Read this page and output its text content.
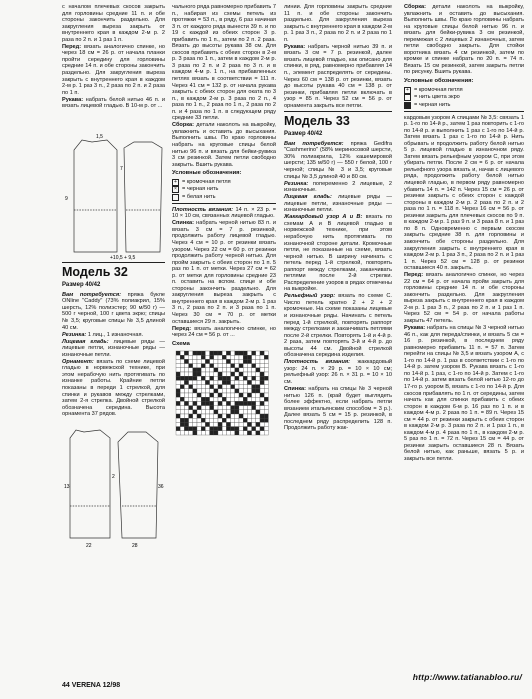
с началом плечевых скосов закрыть для горловины средние 11 п. и обе стороны закончить раздельно. Для закругления выреза закрыть от внутреннего края в каждом 2-м р. 2 раза по 2 п. и 1 раз 1 п.

Перед: вязать аналогично спинке, но через 18 см = 26 р. от начала планки пройти середину для горловины средние 14 п. и обе стороны закончить раздельно. Для закругления выреза закрыть с внутреннего края в каждом 2-м р. 1 раз 3 п., 2 раза по 2 п. и 2 раза по 1 п.

Рукава: набрать белой нитью 46 п. и вязать лицевой гладью. В 10-м р. от ...

9
1,5
7
+10,5 + 9,5
Модель 32
Размер 40/42

Вам потребуется: пряжа букле ONline "Caddy" (73% полиакрил, 15% шерсть, 12% полиэстер; 90 м/50 г) — 500 г черной, 100 г цвета экрю; спицы № 3,5; круговые спицы № 3,5 длиной 40 см.

Резинка: 1 лиц., 1 изнаночная.

Лицевая гладь: лицевые ряды — лицевые петли, изнаночные ряды — изнаночные петли.

Орнамент: вязать по схеме лицевой гладью в норвежской технике, при этом нерабочую нить протягивать по изнанке работы. Крайние петли показаны в переди 1 стрелкой, для спинки и рукавов между стрелками, затем 2-я стрелка. Двойной стрелкой обозначена середина. Высота орнамента 37 рядов.

13
22	28
2
36

чального ряда равномерно прибавить 7 п., набирая из схемы петель из протяжки = 53 п., в ряду, 6 раз начиная 3 п. от каждого ряда вынести 39 п. и по 19 с каждой из обеих сторон 3 р. прибавить по 1 п., затем по 2 п. 2 раза. Вязать до высоты рукава 38 см. Для скосов прибавить с обеих сторон в 2-м р. 3 раза по 1 п., затем в каждом 2-м р. 3 раза по 2 п. и 2 раза по 3 п. и в каждом 4-м р. 1 п., на прибавленных петлях вязать в соответствии = 111 п. Через 41 см = 132 р. от начала рукава закрыть с обеих сторон для оката по 3 п., в каждом 2-м р. 3 раза по 2 п., 4 раза по 1 п., 2 раза по 1 п., 2 раза по 2 п. и 4 раза по 1 п. в следующем ряду средние 33 петли.

Сборка: детали наколоть на выкройку, увлажнить и оставить до высыхания. Выполнить швы. По краю горловины набрать на круговые спицы белой нитью 96 п. и вязать для бейки-рувика 3 см резинкой. Затем петли свободно закрыть. Вшить рукава.

Условные обозначения:
+ = кромочная петля
× = черная нить
= белая нить

Плотность вязания: 14 п. × 23 р. = 10 × 10 см, связанных лицевой гладью.

Спинка: набрать черной нитью 83 п. и вязать 3 см = 7 р. резинкой, продолжить работу лицевой гладью. Через 4 см = 10 р. от резинки вязать узором. Через 22 см = 60 р. от резинки продолжить работу черной нитью. Для пройм закрыть с обеих сторон по 1 п. 5 раз по 1 п. от метки. Через 27 см = 62 р. от метки для горловины средние 23 п. оставить на вспом. спице и обе стороны закончить раздельно. Для закругления выреза закрыть с внутреннего края в каждом 2-м р. 1 раз 3 п., 2 раза по 2 п. и 3 раза по 1 п. Через 30 см = 70 р. от метки оставшиеся 29 п. закрыть.

Перед: вязать аналогично спинке, но через 24 см = 56 р. от ...

Схема

линии. Для горловины закрыть средние 11 п. и обе стороны закончить раздельно. Для закругления выреза закрыть с внутреннего края в каждом 2-м р. 1 раз 3 п., 2 раза по 2 п. и 2 раза по 1 п.

Рукава: набрать черной нитью 39 п. и вязать 3 см = 7 р. резинкой, далее вязать лицевой гладью, как описано для спинки, в ряд, равномерно прибавляя 14 п., элемент распределять от середины. Через 60 см = 138 р. от резинки, вязать до высоты рукава 40 см = 138 р. от резинки, прибавляя петли включать в узор = 85 п. Через 52 см = 56 р. от орнамента закрыть все петли.

Модель 33
Размер 40/42

Вам потребуется: пряжа Gedifra "Cashmerino" (58% мериносовой шерсти, 30% полиакрила, 12% кашемировой шерсти; 135 м/50 г) — 550 г белой, 100 г черной; спицы № 3 и 3,5; круговые спицы № 3,5 длиной 40 и 80 см.

Резинка: попеременно 2 лицевые, 2 изнаночные.

Лицевая гладь: лицевые ряды — лицевые петли, изнаночные ряды — изнаночные петли.

Жаккардовый узор А и В: вязать по схемам А и В лицевой гладью в норвежской технике, при этом нерабочую нить протягивать по изнаночной стороне детали. Кромочные петли, не показанные на схеме, вязать черной нитью. В ширину начинать с петель перед 1-й стрелкой, повторять раппорт между стрелками, заканчивать петлями после 2-й стрелки. Распределение узоров в рядах отмечены на выкройке.

Рельефный узор: вязать по схеме С. Число петель кратно 2 + 2 + 2 кромочные. На схеме показаны лицевые и изнаночные ряды. Начинать с петель перед 1-й стрелкой, повторять раппорт между стрелками и заканчивать петлями после 2-й стрелки. Повторять 1-й и 4-й р. 2 раза, затем повторять 3-й и 4-й р. до высоты 44 см. Двойной стрелкой обозначена середина изделия.

Плотность вязания: жаккардовый узор: 24 п. × 29 р. = 10 × 10 см; рельефный узор: 26 п. × 31 р. = 10 × 10 см.

Спинка: набрать на спицы № 3 черной нитью 126 п. (край будет выглядеть более эффектно, если набрать петли вязанием итальянским способом = 3 р.). Далее вязать 5 см = 15 р. резинкой, в последнем ряду распределить 128 п. Продолжить работу жак-

Сборка: детали наколоть на выкройку, увлажнить и оставить до высыхания. Выполнить швы. По краю горловины набрать на круговые спицы белой нитью 96 п. и вязать для бейки-рувика 3 см резинкой, перемежая с 2 лицевых 2 изнаночных, затем петли свободно закрыть. Для стойки воротника вязать 4 см резинкой, затем по кромке и спинке набрать по 20 п. = 74 п. Вязать 15 см резинкой, затем закрыть петли по рисунку. Вшить рукава.

Условные обозначения:
+ = кромочная петля
= нить цвета экро
= черная нить

кардовым узором А спицами № 3,5: связать 1 р. 1-го по 14-й р., затем 1 раз повторить с 1-го по 14-й р. и выполнить 1 раз с 1-го по 14-й р. Затем вязать 1 раз с 1-го по 14-й р. Нить обрывать и продолжить работу белой нитью 5 р. лицевой гладью в изнаночном ряду. Затем вязать рельефным узором С, при этом убирать петли. После 2 см = 6 р. от начала рельефного узора вязать и, начав с лицевого ряда, продолжить работу белой нитью лицевой гладью, в первом ряду равномерно убавить 14 п. = 142 п. Через 15 см = 26 р. от резинки закрыть с обеих сторон с каждой стороны в каждом 2-м р. 2 раза по 2 п. и 2 раза по 1 п. = 118 п. Через 16 см = 56 р. от резинки закрыть для плечевых скосов по 9 п. в каждом 2-м р. 1 раз 9 п. и 3 раза 8 п. и 1 раз по 8 п. Одновременно с первым скосом закрыть средние 38 п. для горловины и закончить обе стороны раздельно. Для закругления закрыть с внутреннего края в каждом 2-м р. 1 раз 3 п., 2 раза по 2 п. и 1 раз 1 п. Через 52 см = 128 р. от резинки оставшиеся 40 п. закрыть.

Перед: вязать аналогично спинке, но через 22 см = 64 р. от начала пройм закрыть для горловины средние 14 п. и обе стороны закончить раздельно. Для закругления выреза закрыть с внутреннего края в каждом 2-м р. 1 раз 3 п., 2 раза по 2 п. и 1 раз 1 п. Через 52 см = 54 р. от начала работы закрыть 47 петель.

Рукава: набрать на спицы № 3 черной нитью 46 п., как для переда/спинки, и вязать 5 см = 16 р. резинкой, в последнем ряду равномерно прибавить 11 п. = 57 п. Затем перейти на спицы № 3,5 и вязать узором А, с 1-го по 14-й р. 1 раз в соответствии с 1-го по 14-й р. затем узором B. Рукава вязать с 1-го по 14-й р. 1 раз, с 1-го по 14-й р. Затем с 1-го по 14-й р. затем вязать белой нитью 12-го до 17-го р. узором B, вязать с 1-го по 14-й р. Для скосов прибавлять по 1 п. от середины, затем начать как для спинки прибавить с обеих сторон в каждом 6-м р. 16 раз по 1 п. и в каждом 4-м р. 2 раза по 1 п. = 89 п. Через 15 см = 44 р. от резинки закрыть с обеих сторон в каждом 2-м р. 3 раза по 2 п. и 1 раз 1 п., в каждом 4-м р. 4 раза по 1 п., в каждом 2-м р. 5 раз по 1 п. = 72 п. Через 15 см = 44 р. от резинки закрыть оставшиеся 28 п. Вязать белой нитью, как раньше, вязать 5 р. и закрыть все петли.

44 VERENA 12/98
http://www.tatianabloo.ru/
